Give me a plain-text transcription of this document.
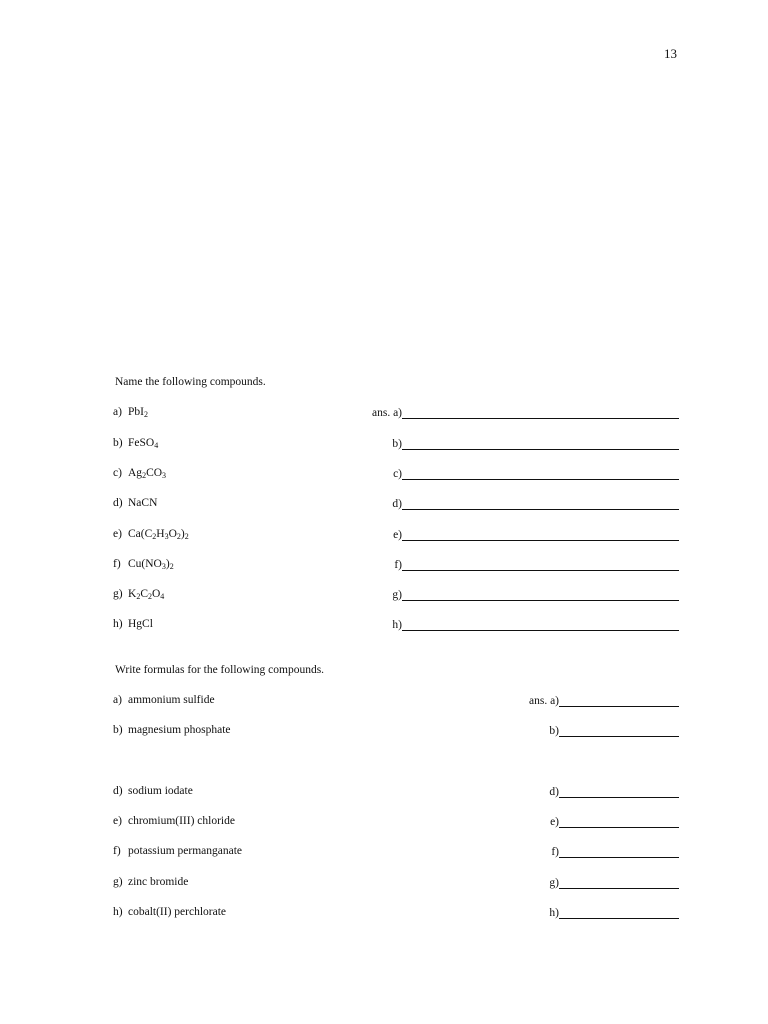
13
Name the following compounds.
a) PbI$_2$	ans. a)
b) FeSO$_4$	b)
c) $Ag_2CO_3$	c)
d) NaCN	d)
e) $Ca(C_2H_3O_2)_2$	e)
f) $Cu(NO_3)_2$	f)
g) $K_2C_2O_4$	g)
h) HgCl	h)
Write formulas for the following compounds.
a) ammonium sulfide	ans. a)
b) magnesium phosphate	b)
d) sodium iodate	d)
e) chromium(III) chloride	e)
f) potassium permanganate	f)
g) zinc bromide	g)
h) cobalt(II) perchlorate	h)
